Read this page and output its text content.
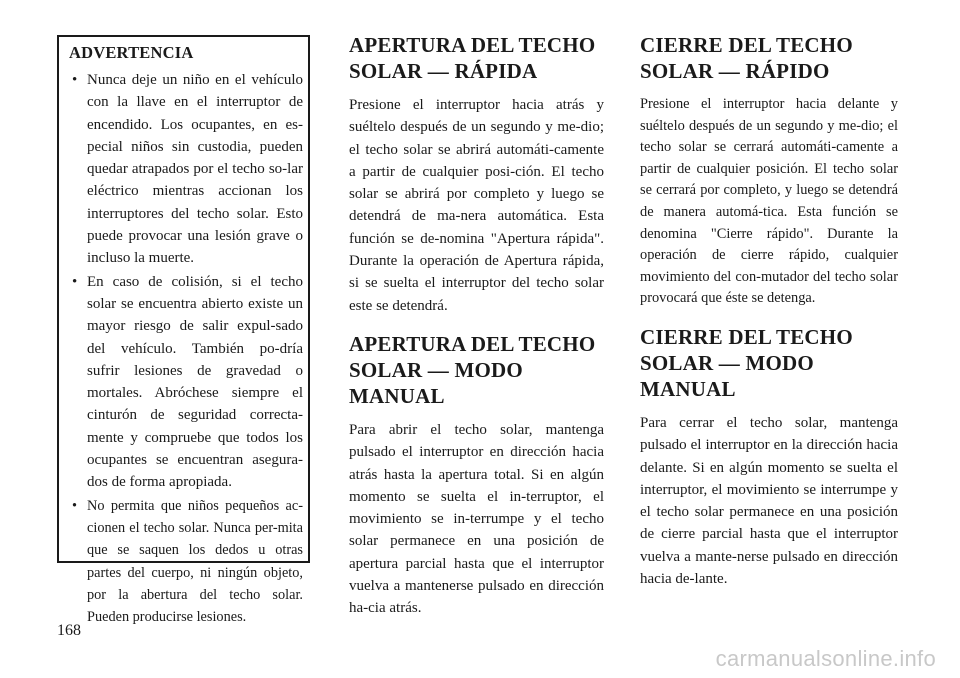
ADVERTENCIA
• Nunca deje un niño en el vehículo con la llave en el interruptor de encendido. Los ocupantes, en es-pecial niños sin custodia, pueden quedar atrapados por el techo so-lar eléctrico mientras accionan los interruptores del techo solar. Esto puede provocar una lesión grave o incluso la muerte.
• En caso de colisión, si el techo solar se encuentra abierto existe un mayor riesgo de salir expul-sado del vehículo. También po-dría sufrir lesiones de gravedad o mortales. Abróchese siempre el cinturón de seguridad correcta-mente y compruebe que todos los ocupantes se encuentran asegura-dos de forma apropiada.
• No permita que niños pequeños ac-cionen el techo solar. Nunca per-mita que se saquen los dedos u otras partes del cuerpo, ni ningún objeto, por la abertura del techo solar. Pueden producirse lesiones.
APERTURA DEL TECHO SOLAR — RÁPIDA

Presione el interruptor hacia atrás y suéltelo después de un segundo y me-dio; el techo solar se abrirá automáti-camente a partir de cualquier posi-ción. El techo solar se abrirá por completo y luego se detendrá de ma-nera automática. Esta función se de-nomina "Apertura rápida". Durante la operación de Apertura rápida, si se suelta el interruptor del techo solar este se detendrá.

APERTURA DEL TECHO SOLAR — MODO MANUAL

Para abrir el techo solar, mantenga pulsado el interruptor en dirección hacia atrás hasta la apertura total. Si en algún momento se suelta el in-terruptor, el movimiento se in-terrumpe y el techo solar permanece en una posición de apertura parcial hasta que el interruptor vuelva a mantenerse pulsado en dirección ha-cia atrás.

CIERRE DEL TECHO SOLAR — RÁPIDO

Presione el interruptor hacia delante y suéltelo después de un segundo y me-dio; el techo solar se cerrará automáti-camente a partir de cualquier posición. El techo solar se cerrará por completo, y luego se detendrá de manera automá-tica. Esta función se denomina "Cierre rápido". Durante la operación de cierre rápido, cualquier movimiento del con-mutador del techo solar provocará que éste se detenga.

CIERRE DEL TECHO SOLAR — MODO MANUAL

Para cerrar el techo solar, mantenga pulsado el interruptor en la dirección hacia delante. Si en algún momento se suelta el interruptor, el movimiento se interrumpe y el techo solar permanece en una posición de cierre parcial hasta que el interruptor vuelva a mante-nerse pulsado en dirección hacia de-lante.

168
carmanualsonline.info
